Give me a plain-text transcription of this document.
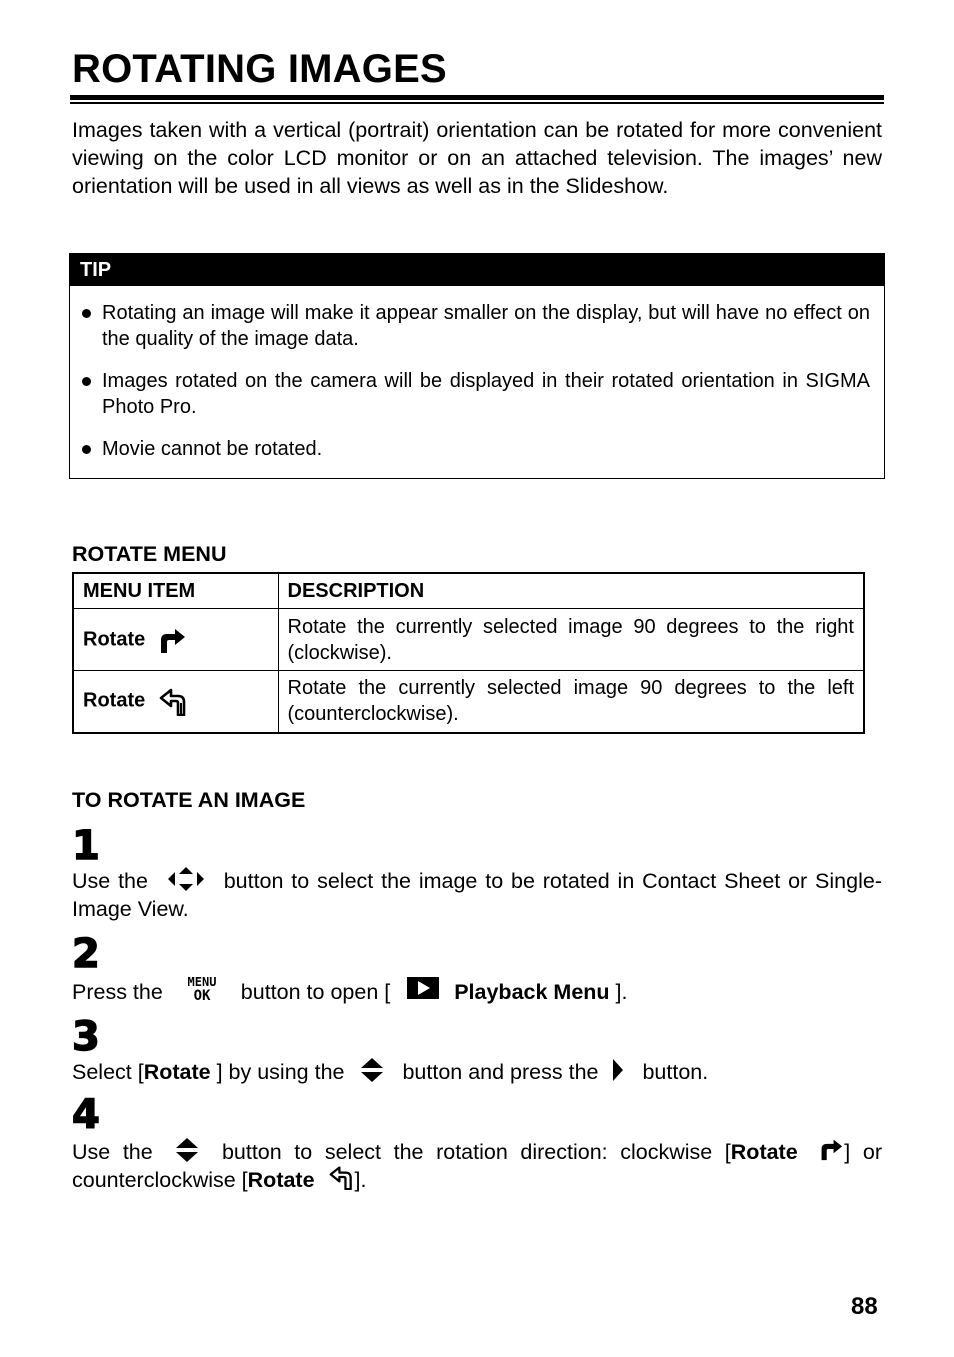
ROTATING IMAGES

Images taken with a vertical (portrait) orientation can be rotated for more convenient viewing on the color LCD monitor or on an attached television. The images’ new orientation will be used in all views as well as in the Slideshow.

TIP
Rotating an image will make it appear smaller on the display, but will have no effect on the quality of the image data.
Images rotated on the camera will be displayed in their rotated orientation in SIGMA Photo Pro.
Movie cannot be rotated.
ROTATE MENU
MENU ITEM	DESCRIPTION
Rotate	Rotate the currently selected image 90 degrees to the right (clockwise).
Rotate	Rotate the currently selected image 90 degrees to the left (counterclockwise).
TO ROTATE AN IMAGE
1

Use the	button to select the image to be rotated in Contact Sheet or Single-Image View.

2

Press the MENU
OK button to open [	Playback Menu ].

3

Select [Rotate ] by using the	button and press the button.

4

Use the	button to select the rotation direction: clockwise [Rotate ] or counterclockwise [Rotate ].

88
